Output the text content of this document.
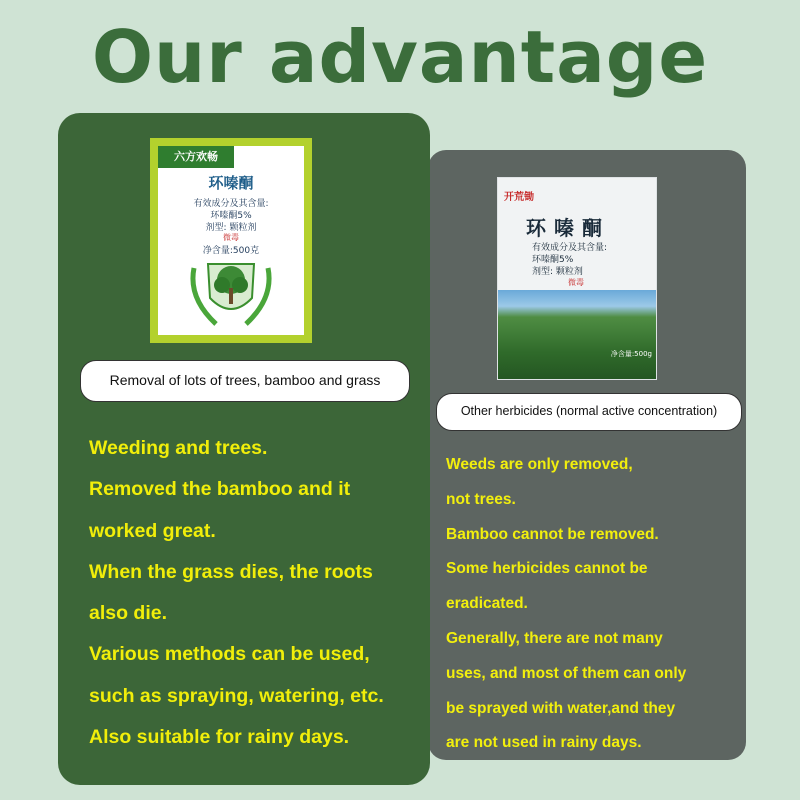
Our advantage
六方欢畅
环嗪酮
有效成分及其含量:
环嗪酮5%
剂型: 颗粒剂
微毒
净含量:500克
开荒锄
环嗪酮
有效成分及其含量:
环嗪酮5%
剂型: 颗粒剂
微毒
净含量:500g
Removal of lots of trees, bamboo and grass
Other herbicides (normal active concentration)
Weeding and trees.
Removed the bamboo and it
worked great.
When the grass dies, the roots
also die.
Various methods can be used,
such as spraying, watering, etc.
Also suitable for rainy days.
Weeds are only removed,
not trees.
Bamboo cannot be removed.
Some herbicides cannot be
eradicated.
Generally, there are not many
uses, and most of them can only
be sprayed with water,and they
are not used in rainy days.
